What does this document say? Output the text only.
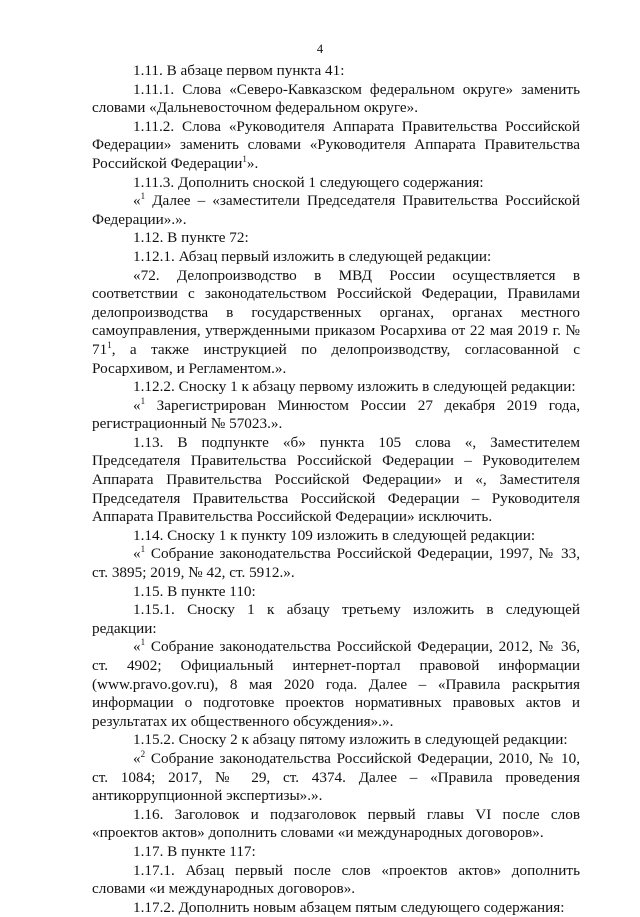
4

1.11. В абзаце первом пункта 41:

1.11.1. Слова «Северо-Кавказском федеральном округе» заменить словами «Дальневосточном федеральном округе».

1.11.2. Слова «Руководителя Аппарата Правительства Российской Федерации» заменить словами «Руководителя Аппарата Правительства Российской Федерации$^1$».

1.11.3. Дополнить сноской 1 следующего содержания:

«$^1$ Далее – «заместители Председателя Правительства Российской Федерации».».

1.12. В пункте 72:

1.12.1. Абзац первый изложить в следующей редакции:

«72. Делопроизводство в МВД России осуществляется в соответствии с законодательством Российской Федерации, Правилами делопроизводства в государственных органах, органах местного самоуправления, утвержденными приказом Росархива от 22 мая 2019 г. № $71^1$, а также инструкцией по делопроизводству, согласованной с Росархивом, и Регламентом.».

1.12.2. Сноску 1 к абзацу первому изложить в следующей редакции:

«$^1$ Зарегистрирован Минюстом России 27 декабря 2019 года, регистрационный № 57023.».

1.13. В подпункте «б» пункта 105 слова «, Заместителем Председателя Правительства Российской Федерации – Руководителем Аппарата Правительства Российской Федерации» и «, Заместителя Председателя Правительства Российской Федерации – Руководителя Аппарата Правительства Российской Федерации» исключить.

1.14. Сноску 1 к пункту 109 изложить в следующей редакции:

«$^1$ Собрание законодательства Российской Федерации, 1997, № 33, ст. 3895; 2019, № 42, ст. 5912.».

1.15. В пункте 110:

1.15.1. Сноску 1 к абзацу третьему изложить в следующей редакции:

«$^1$ Собрание законодательства Российской Федерации, 2012, № 36, ст. 4902; Официальный интернет-портал правовой информации (www.pravo.gov.ru), 8 мая 2020 года. Далее – «Правила раскрытия информации о подготовке проектов нормативных правовых актов и результатах их общественного обсуждения».».

1.15.2. Сноску 2 к абзацу пятому изложить в следующей редакции:

«$^2$ Собрание законодательства Российской Федерации, 2010, № 10, ст. 1084; 2017, № 29, ст. 4374. Далее – «Правила проведения антикоррупционной экспертизы».».

1.16. Заголовок и подзаголовок первый главы VI после слов «проектов актов» дополнить словами «и международных договоров».

1.17. В пункте 117:

1.17.1. Абзац первый после слов «проектов актов» дополнить словами «и международных договоров».

1.17.2. Дополнить новым абзацем пятым следующего содержания:
